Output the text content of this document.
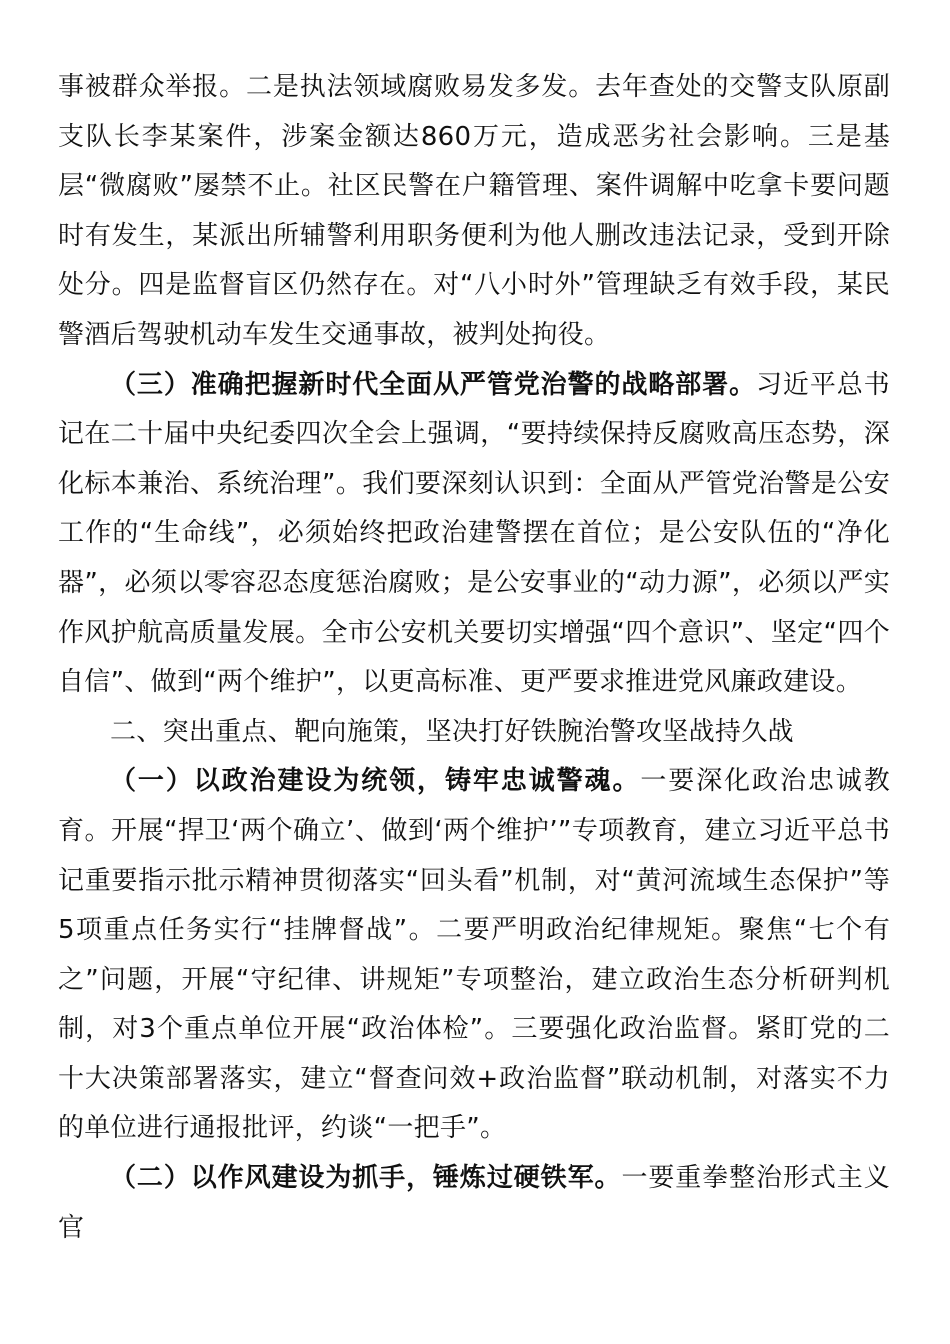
事被群众举报。二是执法领域腐败易发多发。去年查处的交警支队原副支队长李某案件，涉案金额达860万元，造成恶劣社会影响。三是基层“微腐败”屡禁不止。社区民警在户籍管理、案件调解中吃拿卡要问题时有发生，某派出所辅警利用职务便利为他人删改违法记录，受到开除处分。四是监督盲区仍然存在。对“八小时外”管理缺乏有效手段，某民警酒后驾驶机动车发生交通事故，被判处拘役。

（三）准确把握新时代全面从严管党治警的战略部署。习近平总书记在二十届中央纪委四次全会上强调，“要持续保持反腐败高压态势，深化标本兼治、系统治理”。我们要深刻认识到：全面从严管党治警是公安工作的“生命线”，必须始终把政治建警摆在首位；是公安队伍的“净化器”，必须以零容忍态度惩治腐败；是公安事业的“动力源”，必须以严实作风护航高质量发展。全市公安机关要切实增强“四个意识”、坚定“四个自信”、做到“两个维护”，以更高标准、更严要求推进党风廉政建设。

二、突出重点、靶向施策，坚决打好铁腕治警攻坚战持久战

（一）以政治建设为统领，铸牢忠诚警魂。一要深化政治忠诚教育。开展“捍卫‘两个确立’、做到‘两个维护’”专项教育，建立习近平总书记重要指示批示精神贯彻落实“回头看”机制，对“黄河流域生态保护”等5项重点任务实行“挂牌督战”。二要严明政治纪律规矩。聚焦“七个有之”问题，开展“守纪律、讲规矩”专项整治，建立政治生态分析研判机制，对3个重点单位开展“政治体检”。三要强化政治监督。紧盯党的二十大决策部署落实，建立“督查问效+政治监督”联动机制，对落实不力的单位进行通报批评，约谈“一把手”。

（二）以作风建设为抓手，锤炼过硬铁军。一要重拳整治形式主义官
